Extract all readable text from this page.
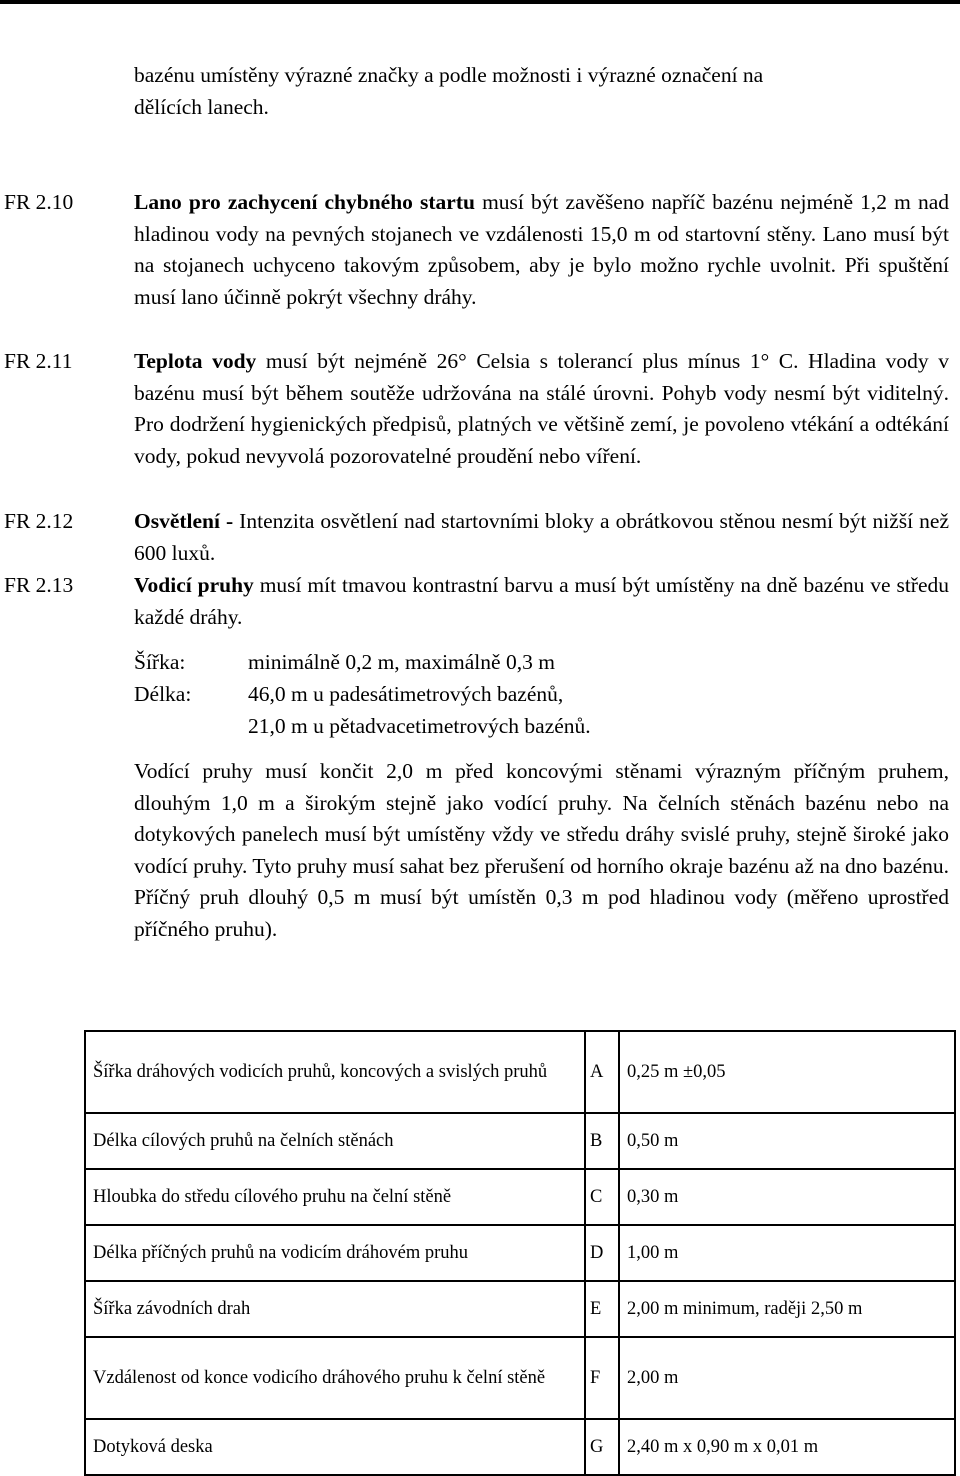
bazénu umístěny výrazné značky a podle možnosti i výrazné označení na
dělících lanech.
FR 2.10	Lano pro zachycení chybného startu musí být zavěšeno napříč bazénu nejméně 1,2 m nad hladinou vody na pevných stojanech ve vzdálenosti 15,0 m od startovní stěny. Lano musí být na stojanech uchyceno takovým způsobem, aby je bylo možno rychle uvolnit. Při spuštění musí lano účinně pokrýt všechny dráhy.
FR 2.11	Teplota vody musí být nejméně 26° Celsia s tolerancí plus mínus 1° C. Hladina vody v bazénu musí být během soutěže udržována na stálé úrovni. Pohyb vody nesmí být viditelný. Pro dodržení hygienických předpisů, platných ve většině zemí, je povoleno vtékání a odtékání vody, pokud nevyvolá pozorovatelné proudění nebo víření.
FR 2.12	Osvětlení - Intenzita osvětlení nad startovními bloky a obrátkovou stěnou nesmí být nižší než 600 luxů.
FR 2.13	Vodicí pruhy musí mít tmavou kontrastní barvu a musí být umístěny na dně bazénu ve středu každé dráhy.
Šířka:	minimálně 0,2 m, maximálně 0,3 m
Délka:	46,0 m u padesátimetrových bazénů,
21,0 m u pětadvacetimetrových bazénů.
Vodící pruhy musí končit 2,0 m před koncovými stěnami výrazným příčným pruhem, dlouhým 1,0 m a širokým stejně jako vodící pruhy. Na čelních stěnách bazénu nebo na dotykových panelech musí být umístěny vždy ve středu dráhy svislé pruhy, stejně široké jako vodící pruhy. Tyto pruhy musí sahat bez přerušení od horního okraje bazénu až na dno bazénu. Příčný pruh dlouhý 0,5 m musí být umístěn 0,3 m pod hladinou vody (měřeno uprostřed příčného pruhu).
Šířka dráhových vodicích pruhů, koncových a svislých pruhů	A	0,25 m ±0,05
Délka cílových pruhů na čelních stěnách	B	0,50 m
Hloubka do středu cílového pruhu na čelní stěně	C	0,30 m
Délka příčných pruhů na vodicím dráhovém pruhu	D	1,00 m
Šířka závodních drah	E	2,00 m minimum, raději 2,50 m
Vzdálenost od konce vodicího dráhového pruhu k čelní stěně	F	2,00 m
Dotyková deska	G	2,40 m x 0,90 m x 0,01 m
